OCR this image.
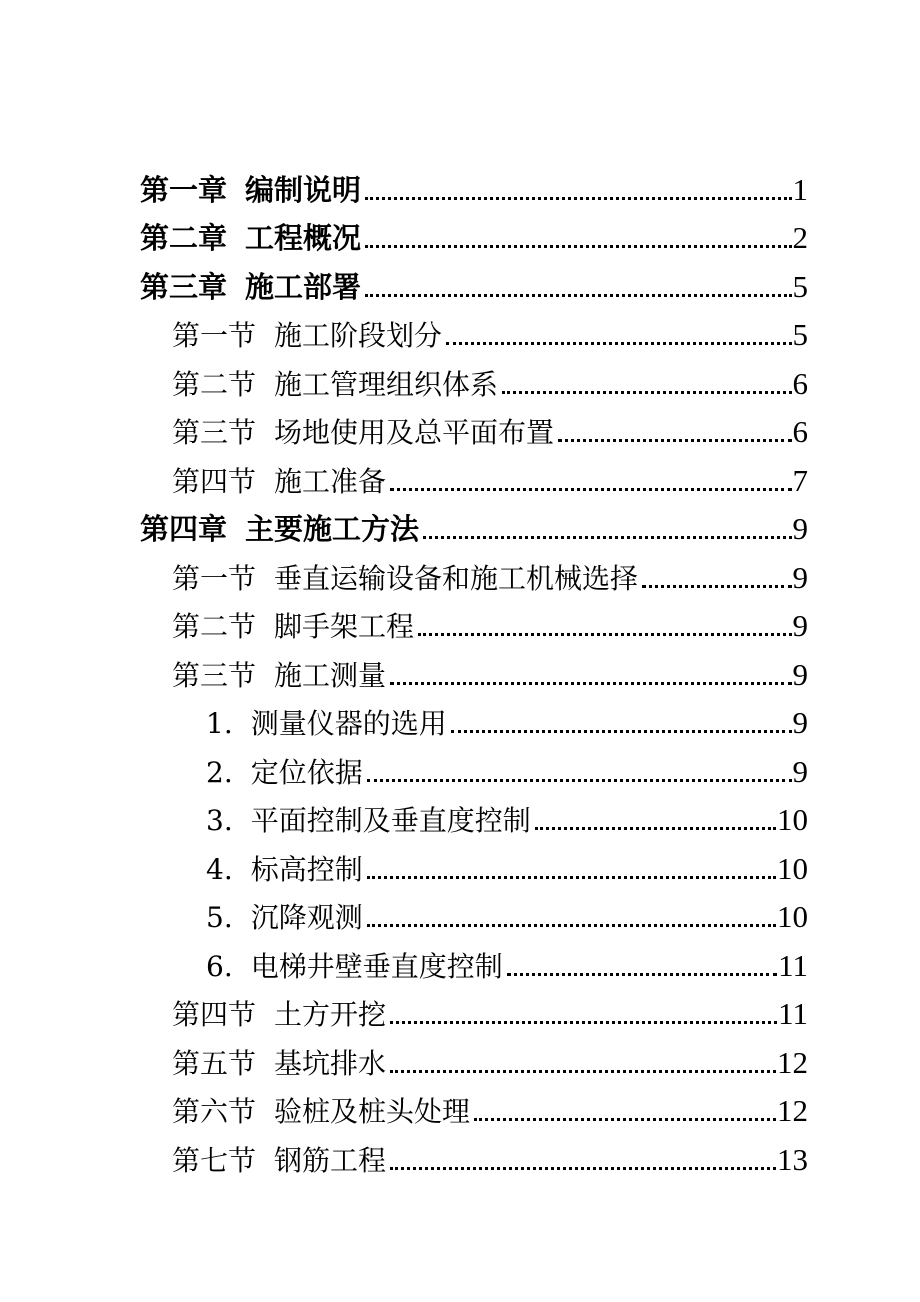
第一章 编制说明	1
第二章 工程概况	2
第三章 施工部署	5
第一节 施工阶段划分	5
第二节 施工管理组织体系	6
第三节 场地使用及总平面布置	6
第四节 施工准备	7
第四章 主要施工方法	9
第一节 垂直运输设备和施工机械选择	9
第二节 脚手架工程	9
第三节 施工测量	9
1. 测量仪器的选用	9
2. 定位依据	9
3. 平面控制及垂直度控制	10
4. 标高控制	10
5. 沉降观测	10
6. 电梯井壁垂直度控制	11
第四节 土方开挖	11
第五节 基坑排水	12
第六节 验桩及桩头处理	12
第七节 钢筋工程	13
